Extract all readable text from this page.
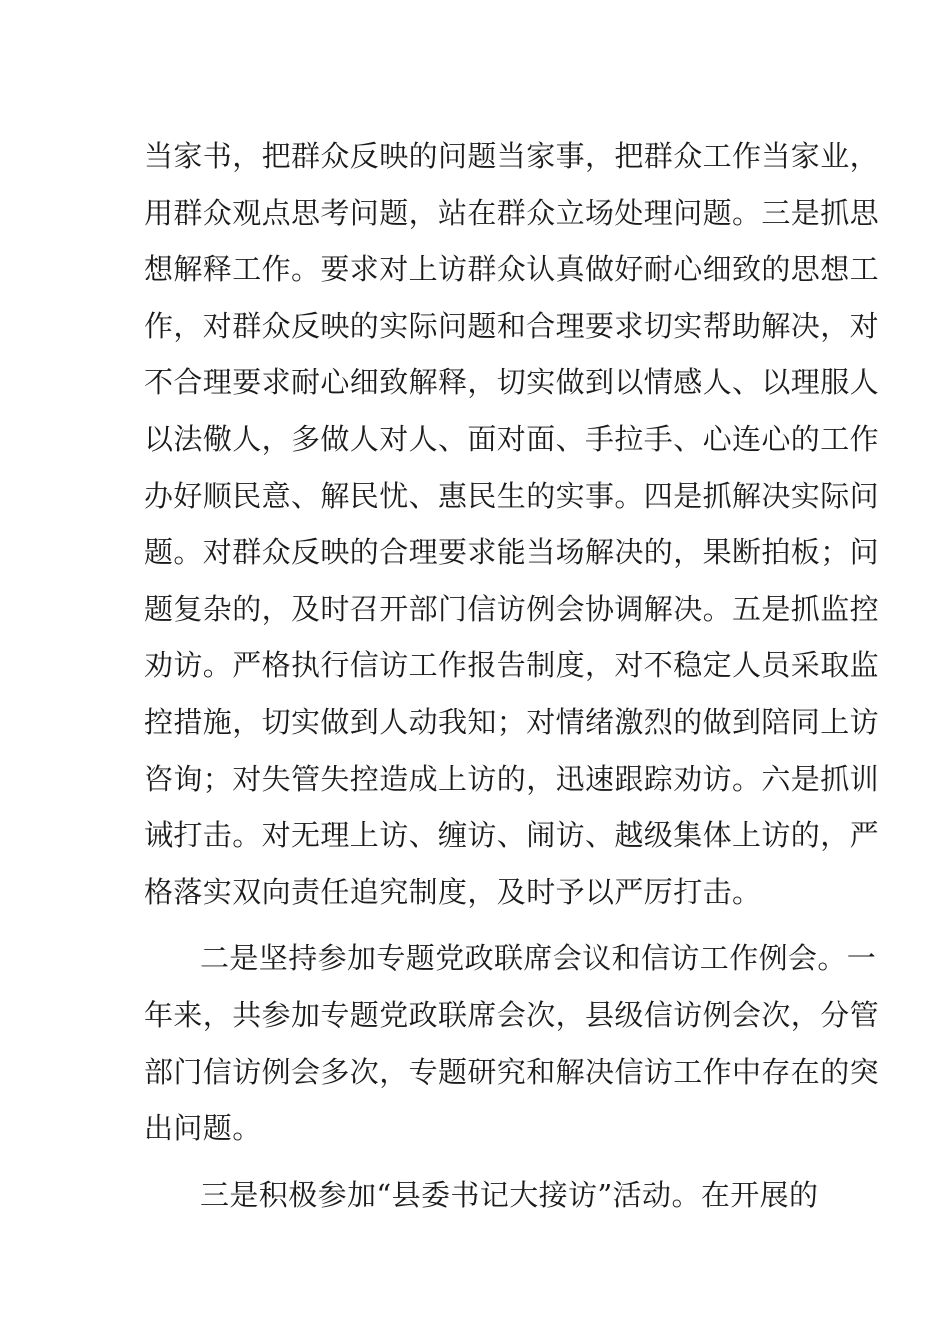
当家书，把群众反映的问题当家事，把群众工作当家业，
用群众观点思考问题，站在群众立场处理问题。三是抓思
想解释工作。要求对上访群众认真做好耐心细致的思想工
作，对群众反映的实际问题和合理要求切实帮助解决，对
不合理要求耐心细致解释，切实做到以情感人、以理服人
以法儆人，多做人对人、面对面、手拉手、心连心的工作
办好顺民意、解民忧、惠民生的实事。四是抓解决实际问
题。对群众反映的合理要求能当场解决的，果断拍板；问
题复杂的，及时召开部门信访例会协调解决。五是抓监控
劝访。严格执行信访工作报告制度，对不稳定人员采取监
控措施，切实做到人动我知；对情绪激烈的做到陪同上访
咨询；对失管失控造成上访的，迅速跟踪劝访。六是抓训
诫打击。对无理上访、缠访、闹访、越级集体上访的，严
格落实双向责任追究制度，及时予以严厉打击。
二是坚持参加专题党政联席会议和信访工作例会。一
年来，共参加专题党政联席会次，县级信访例会次，分管
部门信访例会多次，专题研究和解决信访工作中存在的突
出问题。
三是积极参加“县委书记大接访”活动。在开展的
